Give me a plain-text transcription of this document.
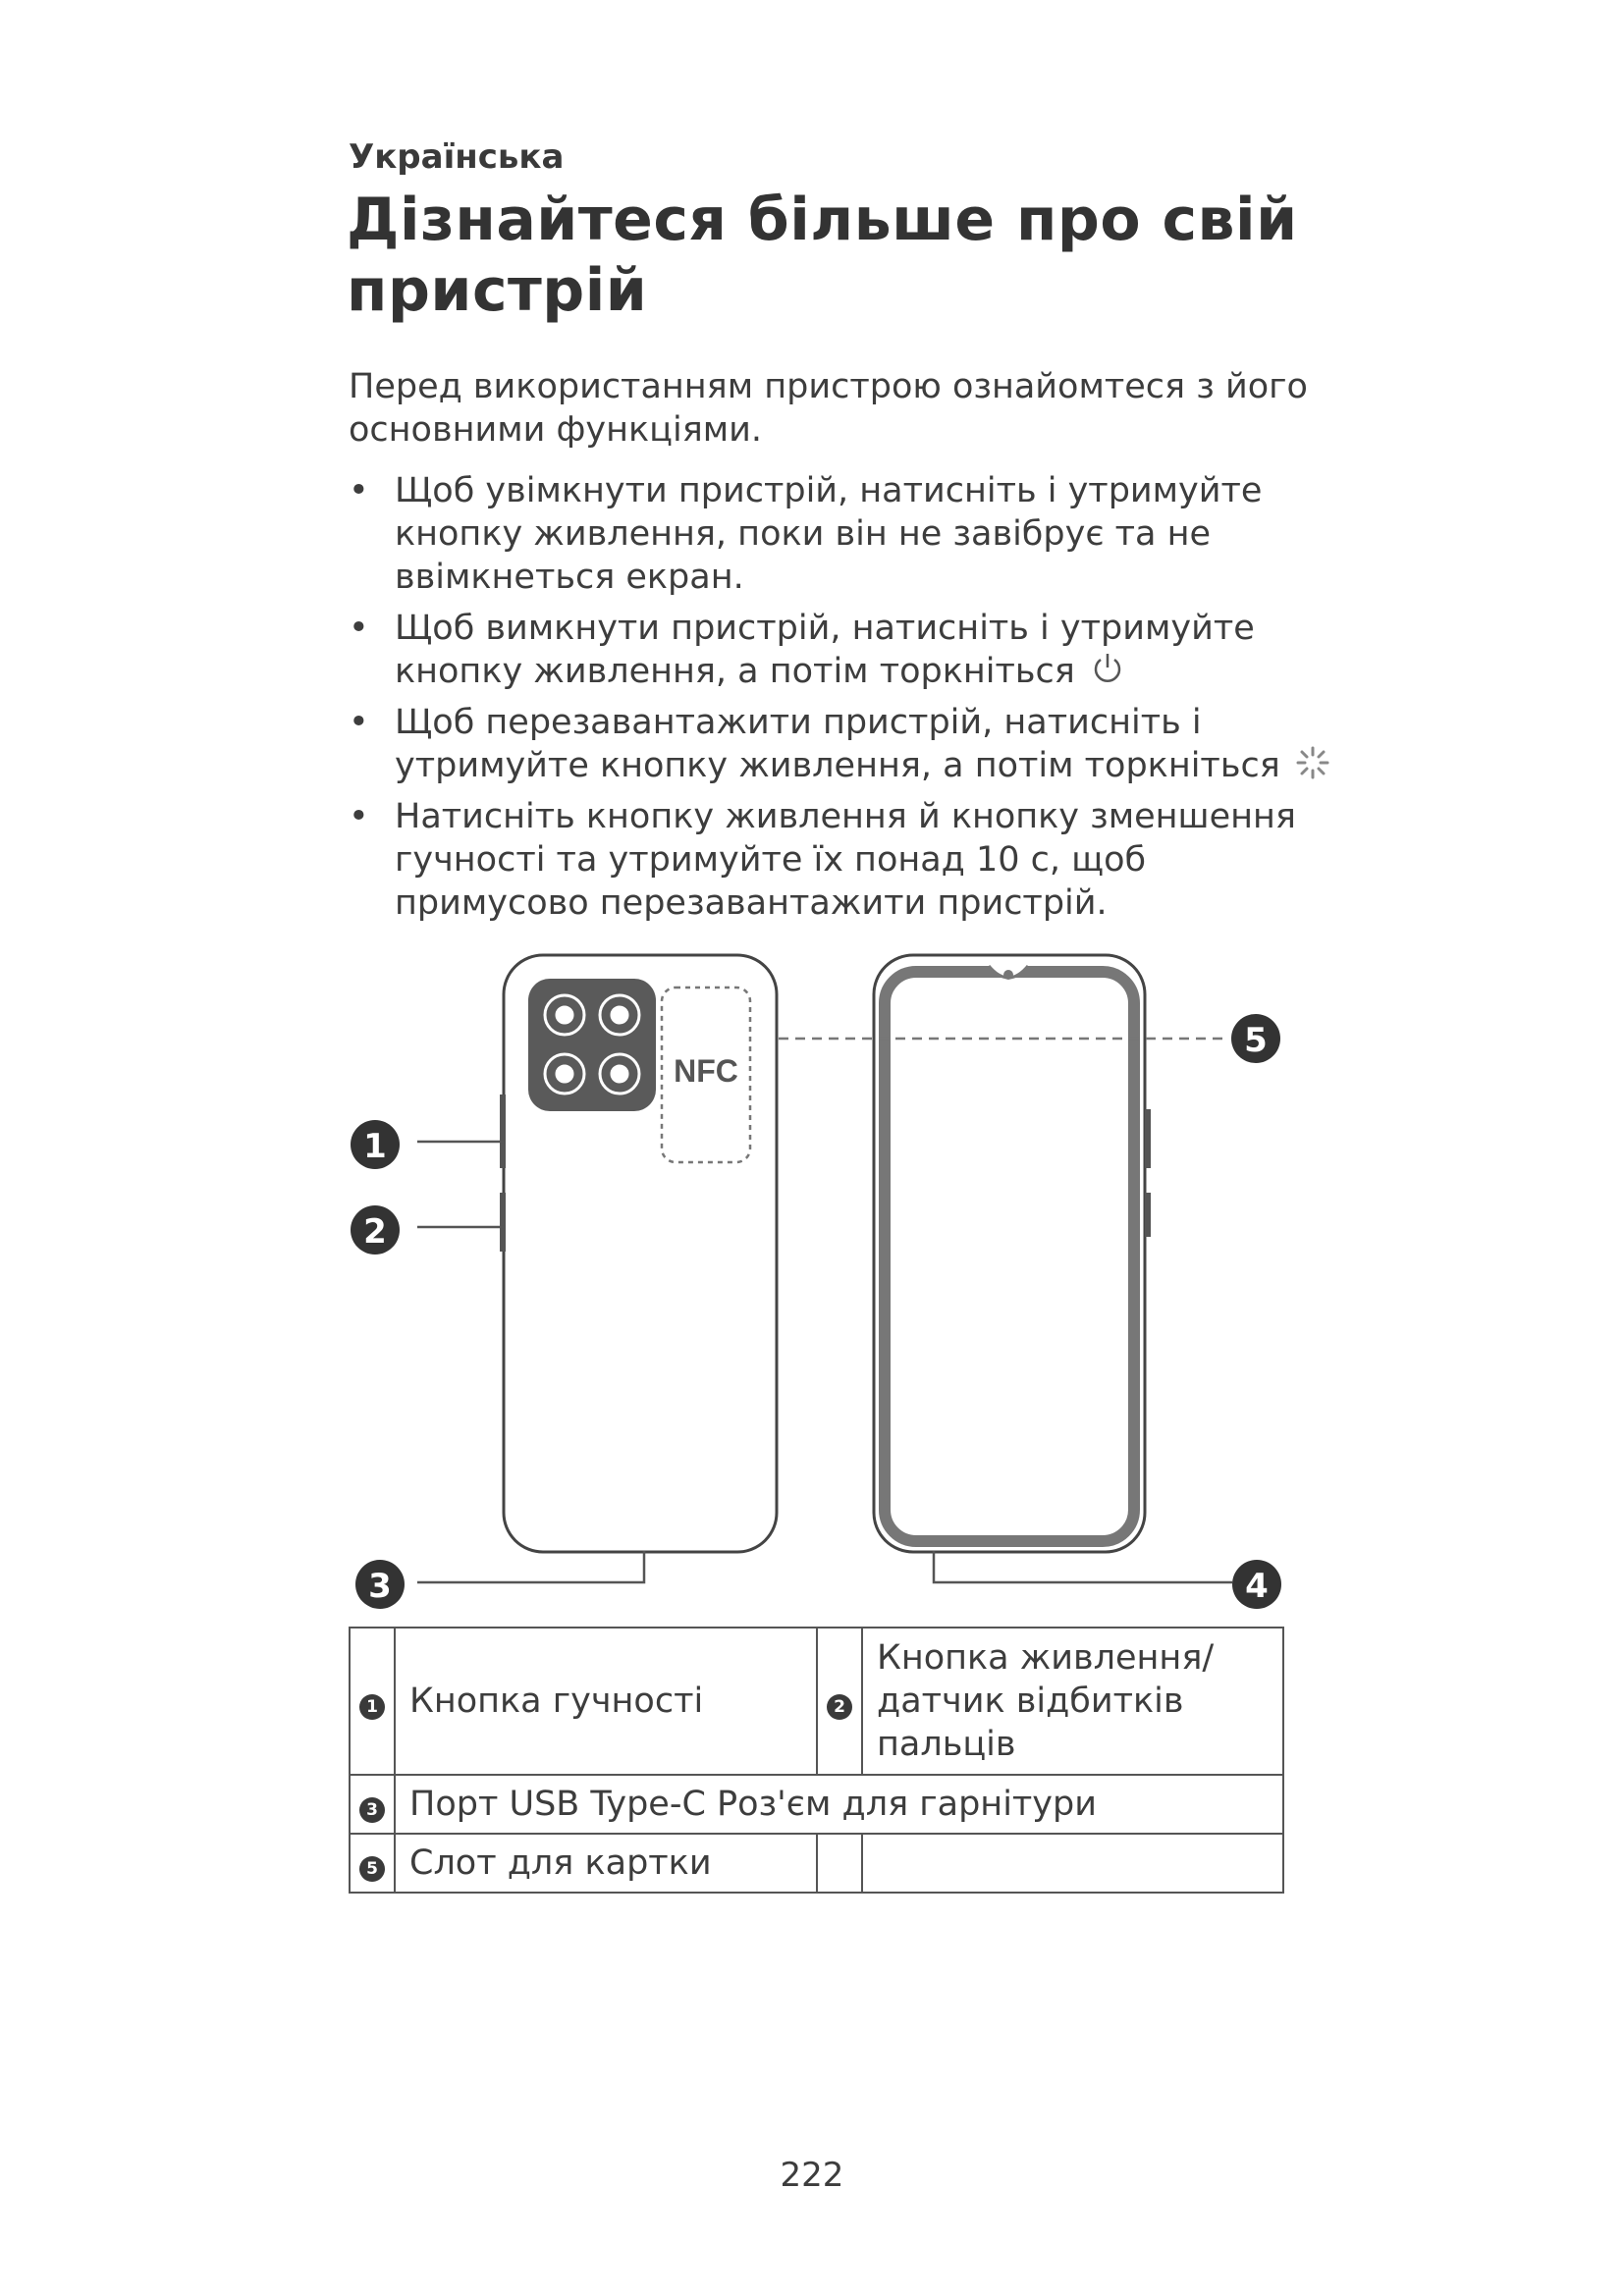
Українська
Дізнайтеся більше про свій пристрій
Перед використанням пристрою ознайомтеся з його основними функціями.
• Щоб увімкнути пристрій, натисніть і утримуйте кнопку живлення, поки він не завібрує та не ввімкнеться екран.
• Щоб вимкнути пристрій, натисніть і утримуйте кнопку живлення, а потім торкніться
• Щоб перезавантажити пристрій, натисніть і утримуйте кнопку живлення, а потім торкніться
• Натисніть кнопку живлення й кнопку зменшення гучності та утримуйте їх понад 10 с, щоб примусово перезавантажити пристрій.
NFC
1
2
3	4
5
1	Кнопка гучності	2	Кнопка живлення/ датчик відбитків пальців
3	Порт USB Type-C Роз'єм для гарнітури		
5	Слот для картки		
222
